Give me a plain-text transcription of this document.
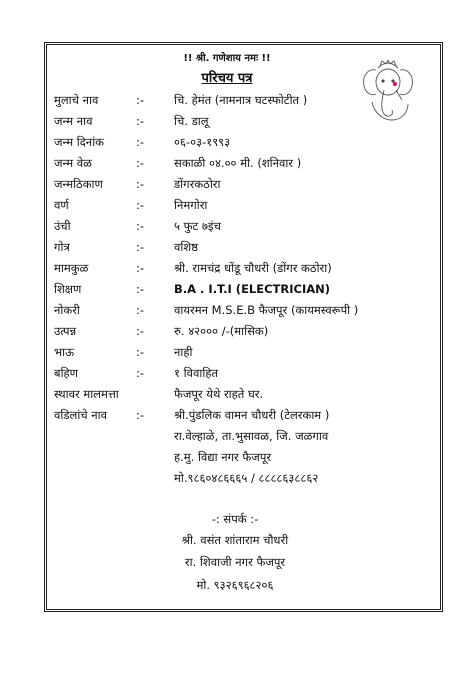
!! श्री. गणेशाय नमः !!
परिचय पत्र
मुलाचे नाव	:-	चि. हेमंत (नामनात्र घटस्फोटीत )
जन्म नाव	:-	चि. डालू
जन्म दिनांक	:-	०६-०३-१९९३
जन्म वेळ	:-	सकाळी ०४.०० मी. (शनिवार )
जन्मठिकाण	:-	डोंगरकठोरा
वर्ण	:-	निमगोरा
उंची	:-	५ फुट ७इंच
गोत्र	:-	वशिष्ठ
मामकुळ	:-	श्री. रामचंद्र धोंडू चौधरी (डोंगर कठोरा)
शिक्षण	:-	B.A . I.T.I (ELECTRICIAN)
नोकरी	:-	वायरमन M.S.E.B फैजपूर (कायमस्वरूपी )
उत्पन्न	:-	रु. ४२००० /-(मासिक)
भाऊ	:-	नाही
बहिण	:-	१ विवाहित
स्थावर मालमत्ता	फैजपूर येथे राहते घर.
वडिलांचे नाव	:-	श्री.पुंडलिक वामन चौधरी (टेलरकाम )
रा.वेल्हाळे, ता.भुसावळ, जि. जळगाव
ह.मु. विद्या नगर फैजपूर
मो.९८६०४८६६६५ / ८८८८६३८८६२
-: संपर्क :-
श्री. वसंत शांताराम चौधरी
रा. शिवाजी नगर फैजपूर
मो. ९३२६९६८२०६
